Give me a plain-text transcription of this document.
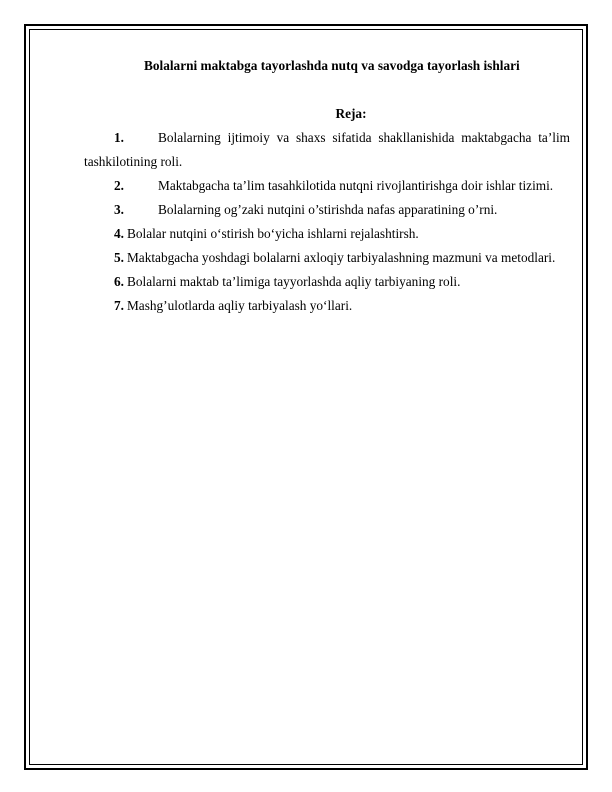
Bolalarni maktabga tayorlashda nutq va savodga tayorlash ishlari
Reja:
1.	Bolalarning ijtimoiy va shaxs sifatida shakllanishida maktabgacha ta’lim tashkilotining roli.
2.	Maktabgacha ta’lim tasahkilotida nutqni rivojlantirishga doir ishlar tizimi.
3.	Bolalarning og’zaki nutqini o’stirishda nafas apparatining o’rni.
4. Bolalar nutqini o‘stirish bo‘yicha ishlarni rejalashtirsh.
5. Maktabgacha yoshdagi bolalarni axloqiy tarbiyalashning mazmuni va metodlari.
6. Bolalarni maktab ta’limiga tayyorlashda aqliy tarbiyaning roli.
7. Mashg’ulotlarda aqliy tarbiyalash yo‘llari.
